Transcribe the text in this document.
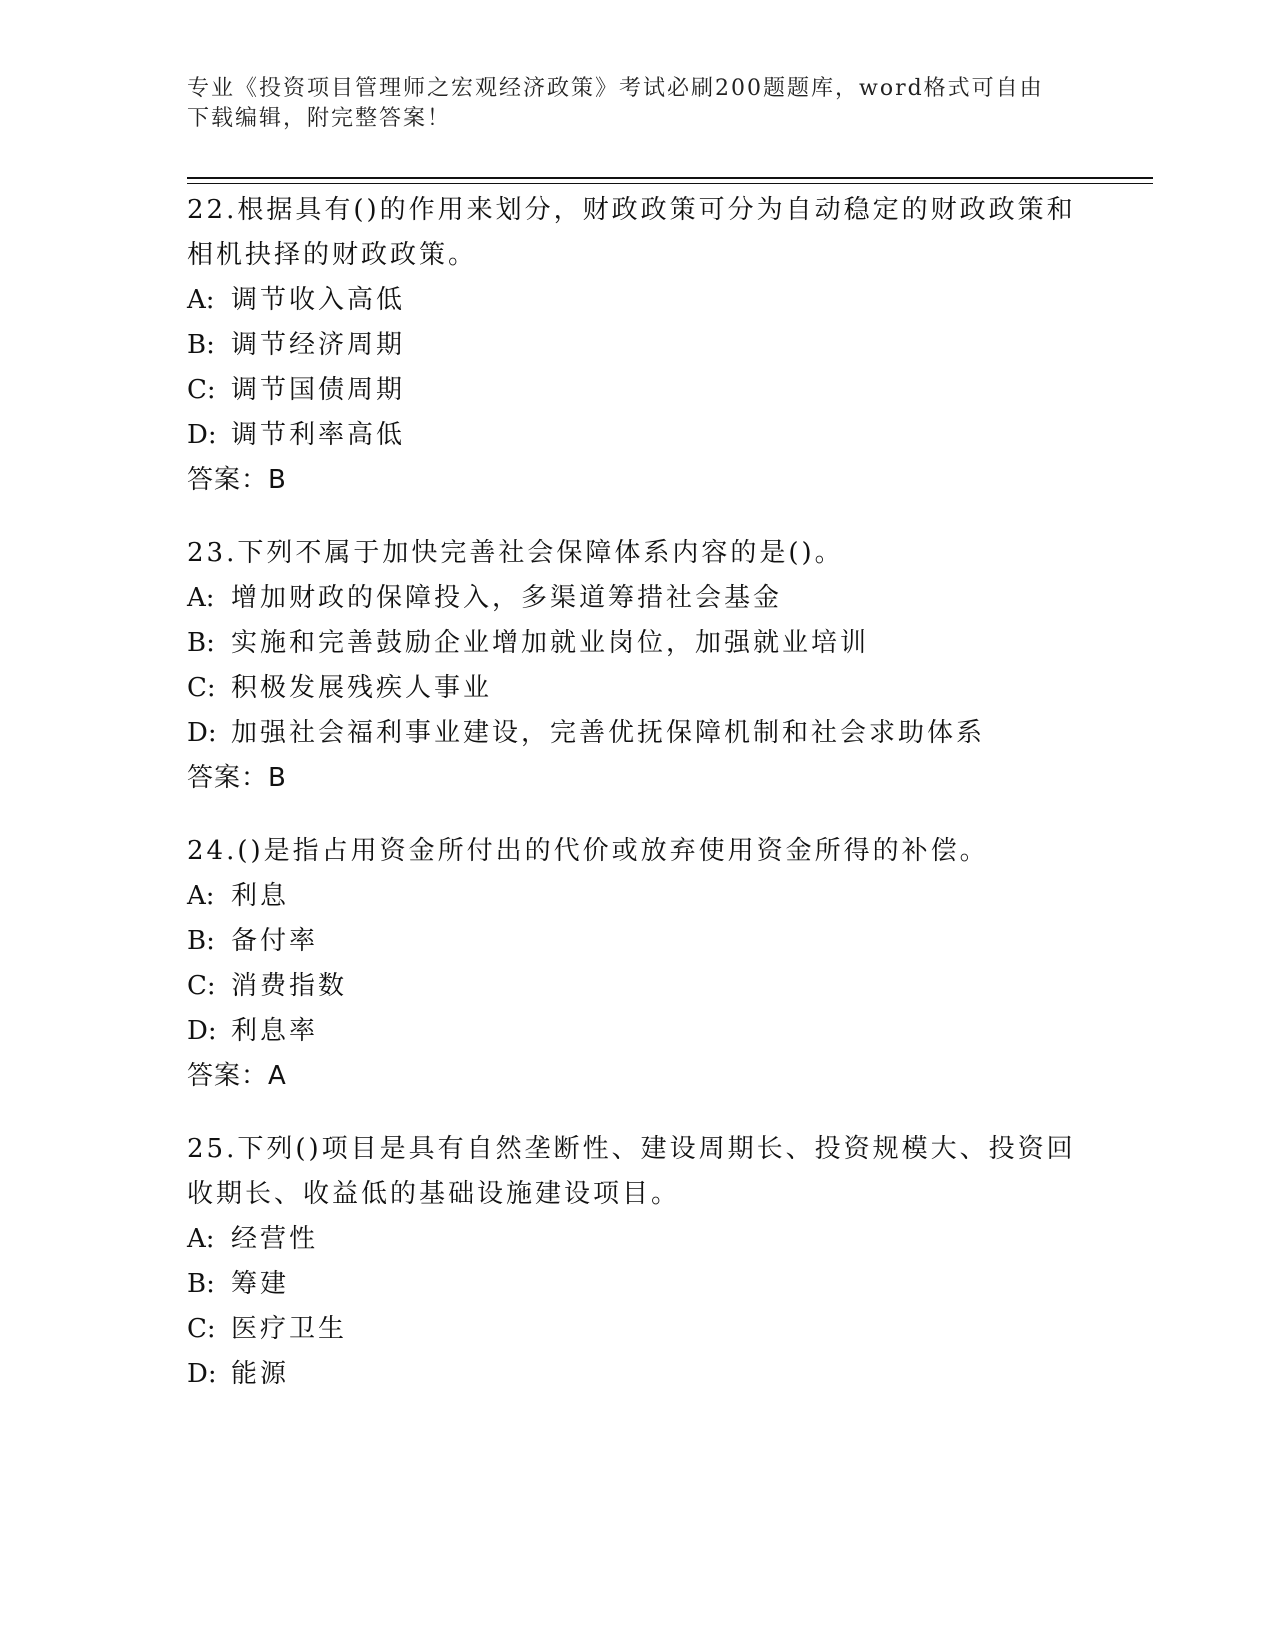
专业《投资项目管理师之宏观经济政策》考试必刷200题题库，word格式可自由下载编辑，附完整答案！
22.根据具有()的作用来划分，财政政策可分为自动稳定的财政政策和相机抉择的财政政策。
A: 调节收入高低
B: 调节经济周期
C: 调节国债周期
D: 调节利率高低
答案：B
23.下列不属于加快完善社会保障体系内容的是()。
A: 增加财政的保障投入，多渠道筹措社会基金
B: 实施和完善鼓励企业增加就业岗位，加强就业培训
C: 积极发展残疾人事业
D: 加强社会福利事业建设，完善优抚保障机制和社会求助体系
答案：B
24.()是指占用资金所付出的代价或放弃使用资金所得的补偿。
A: 利息
B: 备付率
C: 消费指数
D: 利息率
答案：A
25.下列()项目是具有自然垄断性、建设周期长、投资规模大、投资回收期长、收益低的基础设施建设项目。
A: 经营性
B: 筹建
C: 医疗卫生
D: 能源
